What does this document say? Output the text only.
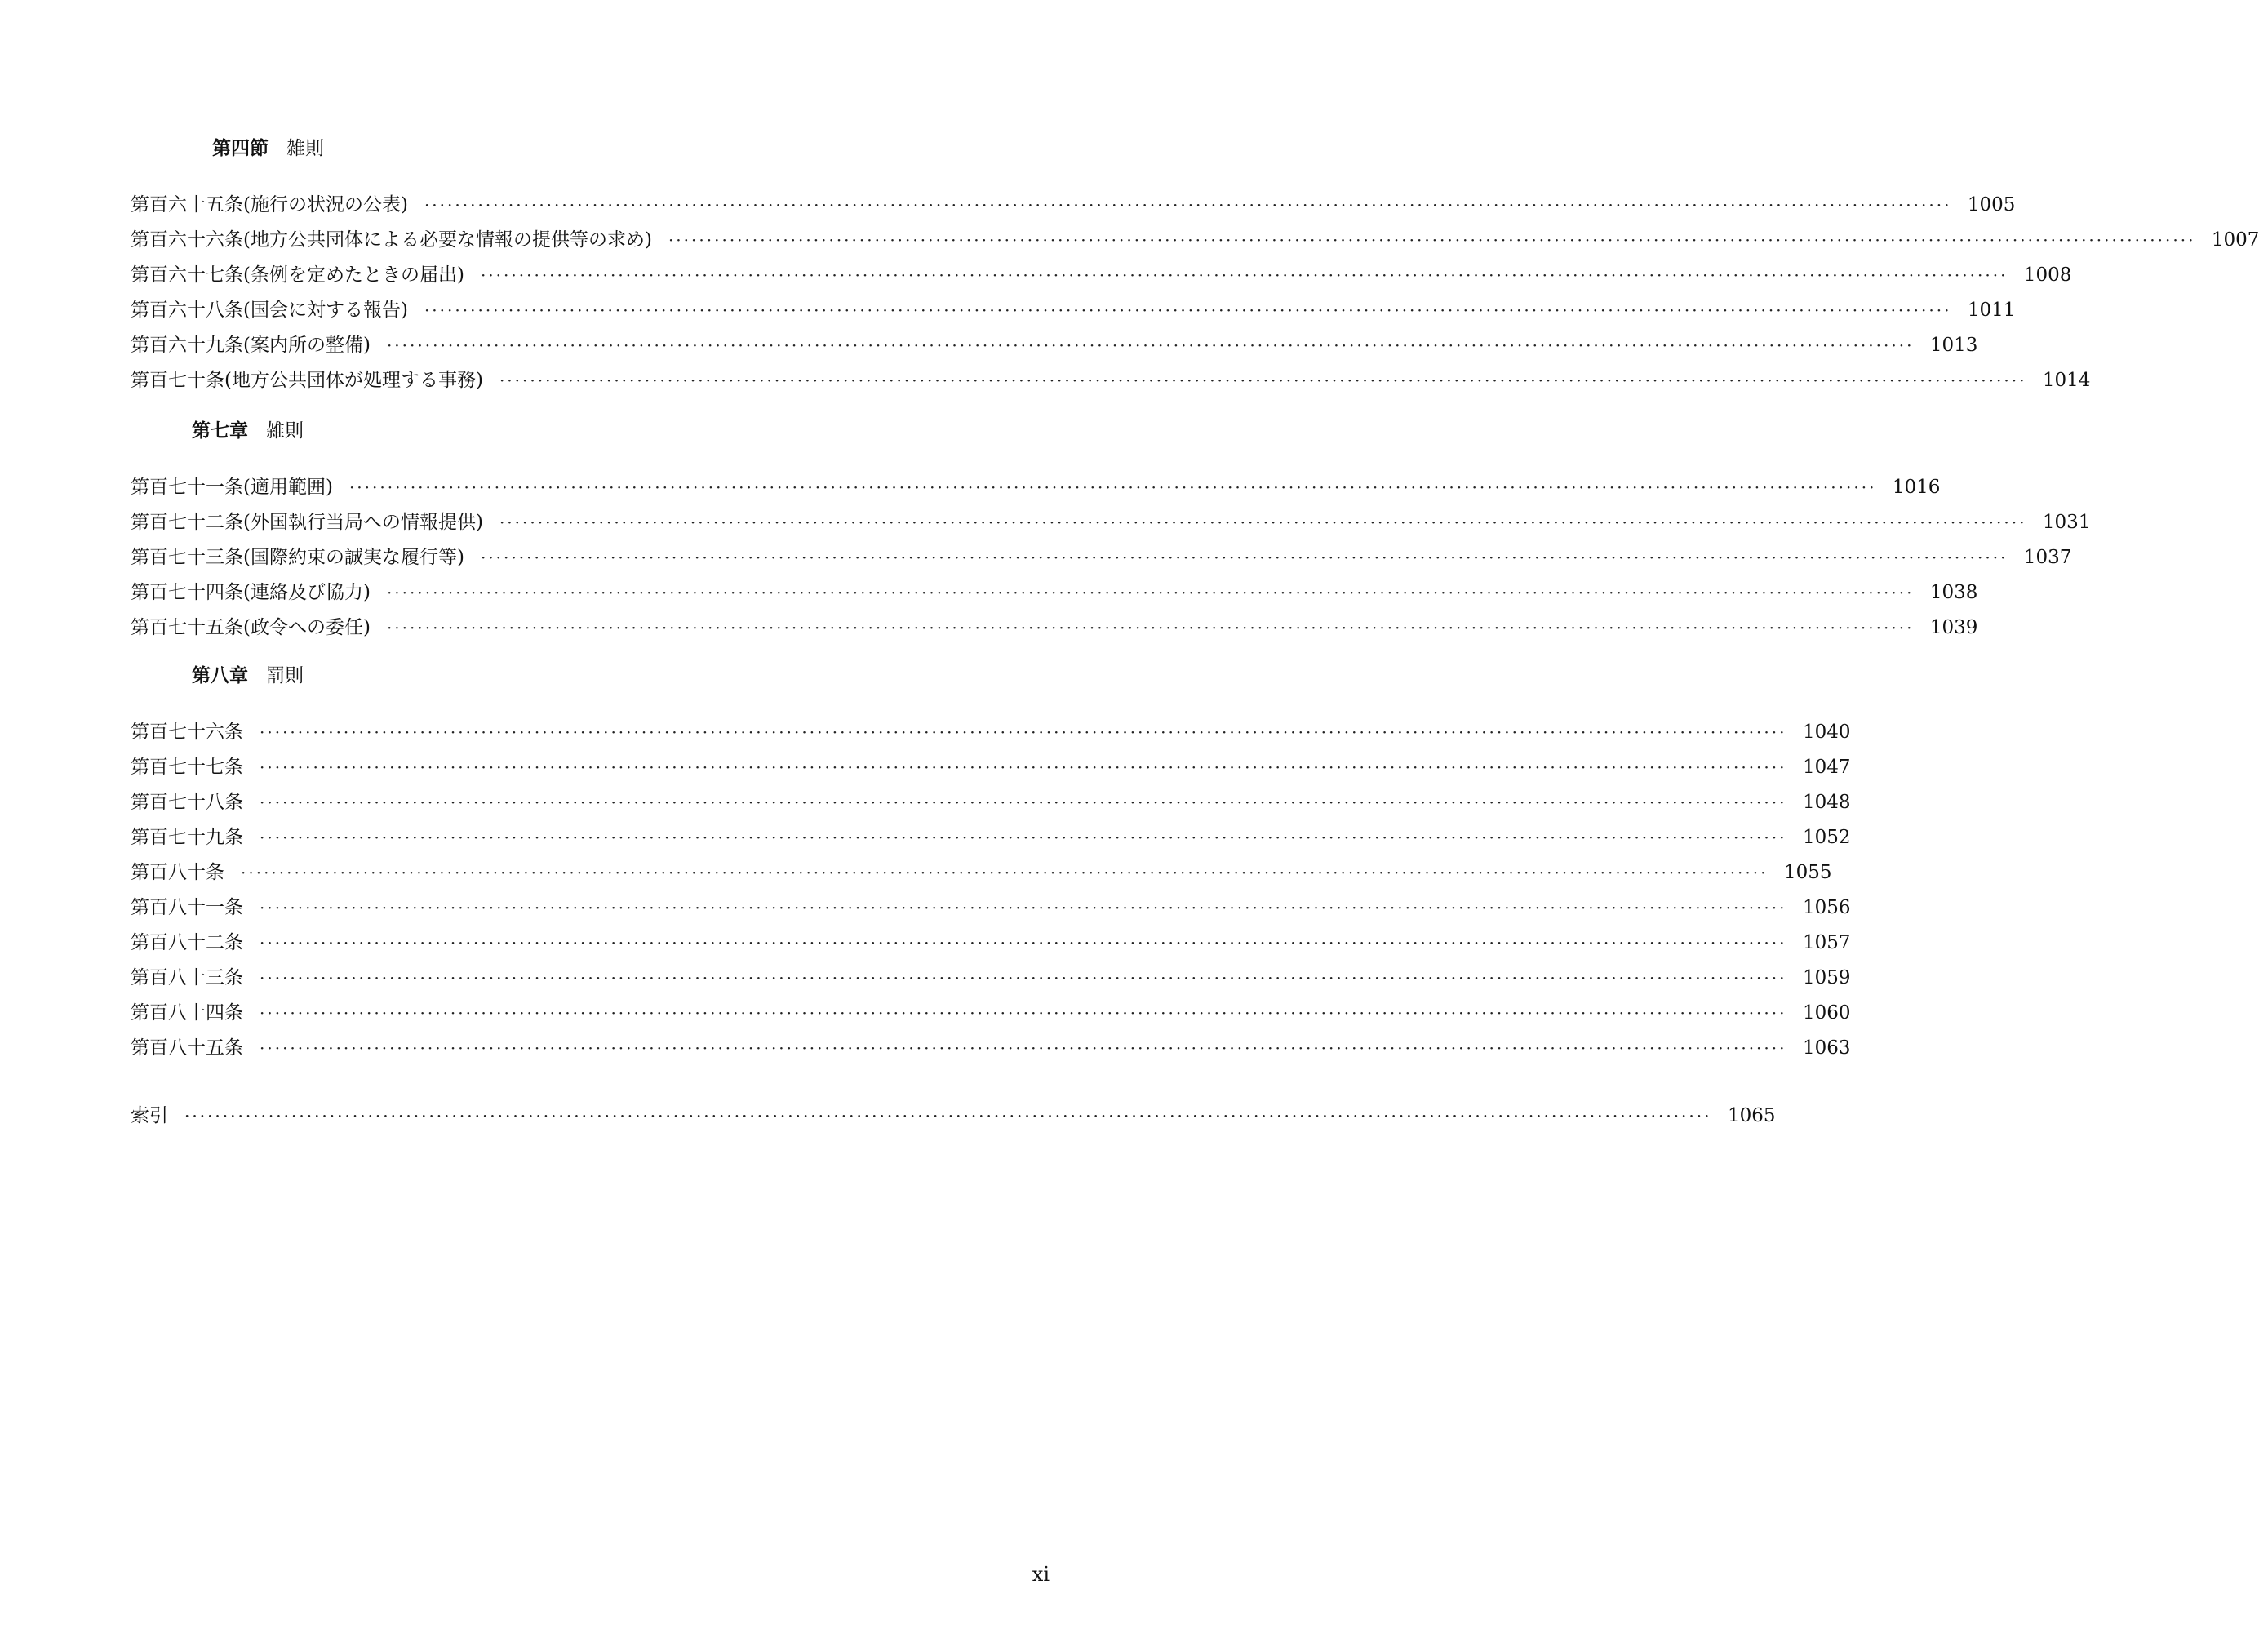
第四節 雑則
第百六十五条(施行の状況の公表)	········································································································································································································ 1005
第百六十六条(地方公共団体による必要な情報の提供等の求め)	········································································································································································································ 1007
第百六十七条(条例を定めたときの届出)	········································································································································································································ 1008
第百六十八条(国会に対する報告)	········································································································································································································ 1011
第百六十九条(案内所の整備)	········································································································································································································ 1013
第百七十条(地方公共団体が処理する事務)	········································································································································································································ 1014
第七章 雑則
第百七十一条(適用範囲)	········································································································································································································ 1016
第百七十二条(外国執行当局への情報提供)	········································································································································································································ 1031
第百七十三条(国際約束の誠実な履行等)	········································································································································································································ 1037
第百七十四条(連絡及び協力)	········································································································································································································ 1038
第百七十五条(政令への委任)	········································································································································································································ 1039
第八章 罰則
第百七十六条	········································································································································································································ 1040
第百七十七条	········································································································································································································ 1047
第百七十八条	········································································································································································································ 1048
第百七十九条	········································································································································································································ 1052
第百八十条	········································································································································································································ 1055
第百八十一条	········································································································································································································ 1056
第百八十二条	········································································································································································································ 1057
第百八十三条	········································································································································································································ 1059
第百八十四条	········································································································································································································ 1060
第百八十五条	········································································································································································································ 1063
索引	········································································································································································································ 1065
xi
